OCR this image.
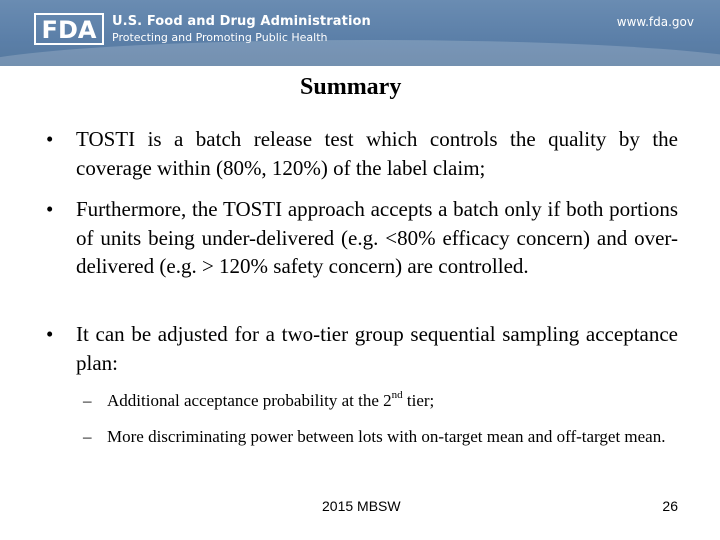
FDA U.S. Food and Drug Administration
Protecting and Promoting Public Health
www.fda.gov
Summary
• TOSTI is a batch release test which controls the quality by the coverage within (80%, 120%) of the label claim;
• Furthermore, the TOSTI approach accepts a batch only if both portions of units being under-delivered (e.g. <80% efficacy concern) and over-delivered (e.g. > 120% safety concern) are controlled.
• It can be adjusted for a two-tier group sequential sampling acceptance plan:
– Additional acceptance probability at the 2nd tier;
– More discriminating power between lots with on-target mean and off-target mean.
2015 MBSW	26
